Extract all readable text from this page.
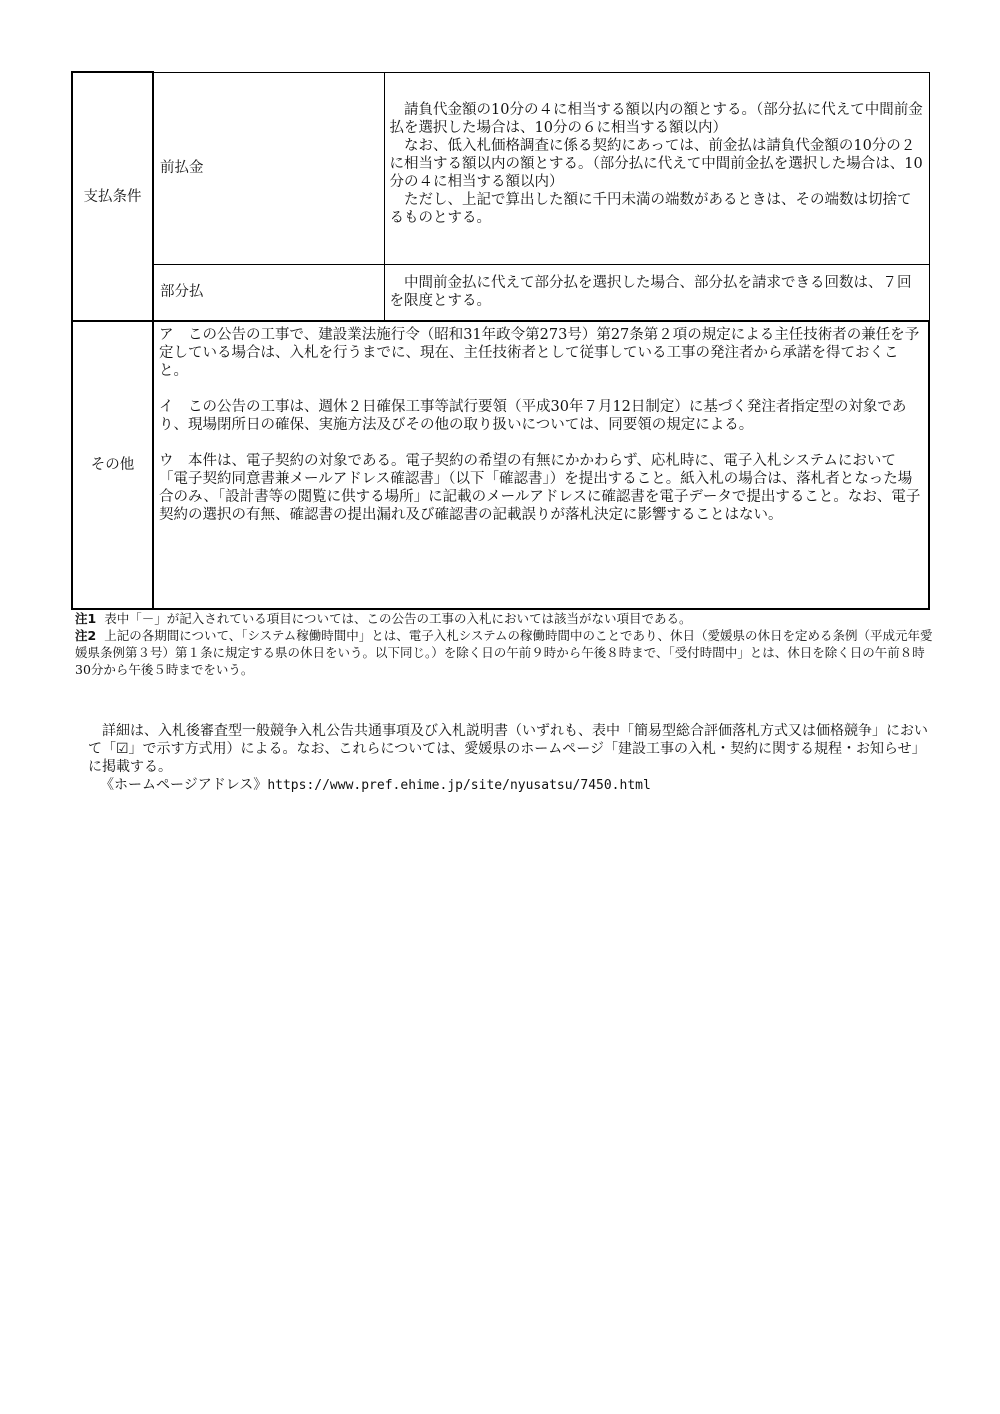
支払条件	前払金	　請負代金額の10分の４に相当する額以内の額とする。（部分払に代えて中間前金払を選択した場合は、10分の６に相当する額以内）

　なお、低入札価格調査に係る契約にあっては、前金払は請負代金額の10分の２に相当する額以内の額とする。（部分払に代えて中間前金払を選択した場合は、10分の４に相当する額以内）

　ただし、上記で算出した額に千円未満の端数があるときは、その端数は切捨てるものとする。

	部分払	　中間前金払に代えて部分払を選択した場合、部分払を請求できる回数は、７回を限度とする。

その他	ア　この公告の工事で、建設業法施行令（昭和31年政令第273号）第27条第２項の規定による主任技術者の兼任を予定している場合は、入札を行うまでに、現在、主任技術者として従事している工事の発注者から承諾を得ておくこと。

イ　この公告の工事は、週休２日確保工事等試行要領（平成30年７月12日制定）に基づく発注者指定型の対象であり、現場閉所日の確保、実施方法及びその他の取り扱いについては、同要領の規定による。

ウ　本件は、電子契約の対象である。電子契約の希望の有無にかかわらず、応札時に、電子入札システムにおいて「電子契約同意書兼メールアドレス確認書」（以下「確認書」）を提出すること。紙入札の場合は、落札者となった場合のみ、「設計書等の閲覧に供する場所」に記載のメールアドレスに確認書を電子データで提出すること。なお、電子契約の選択の有無、確認書の提出漏れ及び確認書の記載誤りが落札決定に影響することはない。	

注1 表中「－」が記入されている項目については、この公告の工事の入札においては該当がない項目である。

注2 上記の各期間について、「システム稼働時間中」とは、電子入札システムの稼働時間中のことであり、休日（愛媛県の休日を定める条例（平成元年愛媛県条例第３号）第１条に規定する県の休日をいう。以下同じ。）を除く日の午前９時から午後８時まで、「受付時間中」とは、休日を除く日の午前８時30分から午後５時までをいう。

　詳細は、入札後審査型一般競争入札公告共通事項及び入札説明書（いずれも、表中「簡易型総合評価落札方式又は価格競争」において「☑」で示す方式用）による。なお、これらについては、愛媛県のホームページ「建設工事の入札・契約に関する規程・お知らせ」に掲載する。

《ホームページアドレス》https://www.pref.ehime.jp/site/nyusatsu/7450.html
